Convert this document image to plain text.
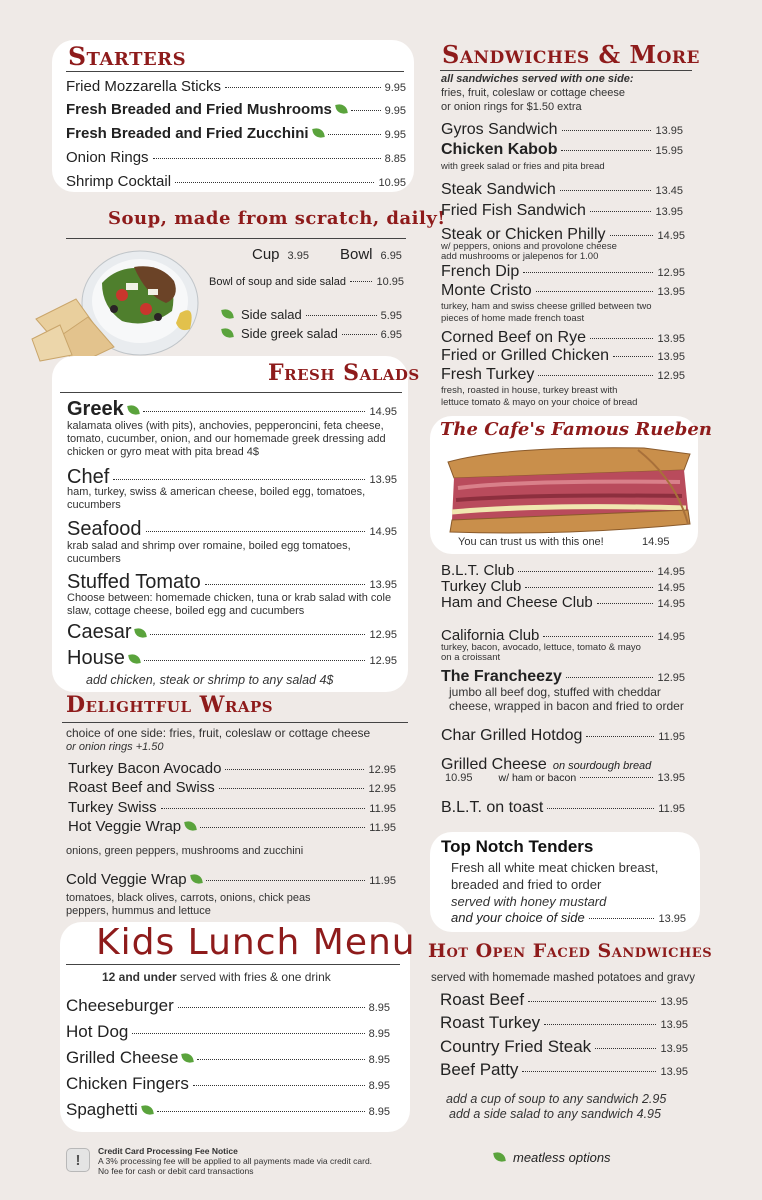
Starters
Soup, made from scratch, daily!
Cup 3.95 Bowl 6.95
Bowl of soup and side salad	10.95
Side salad	5.95
Side greek salad	6.95
Fresh Salads
add chicken, steak or shrimp to any salad 4$
Delightful Wraps
choice of one side: fries, fruit, coleslaw or cottage cheese
or onion rings +1.50
onions, green peppers, mushrooms and zucchini
Cold Veggie Wrap	11.95
tomatoes, black olives, carrots, onions, chick peas peppers, hummus and lettuce
Kids Lunch Menu
12 and under served with fries & one drink
!
Credit Card Processing Fee Notice
A 3% processing fee will be applied to all payments made via credit card.
No fee for cash or debit card transactions
Sandwiches & More
all sandwiches served with one side:
fries, fruit, coleslaw or cottage cheese
or onion rings for $1.50 extra
with greek salad or fries and pita bread
w/ peppers, onions and provolone cheese
add mushrooms or jalepenos for 1.00
turkey, ham and swiss cheese grilled between two
pieces of home made french toast
fresh, roasted in house, turkey breast with
lettuce tomato & mayo on your choice of bread
The Cafe's Famous Rueben
You can trust us with this one!	14.95
turkey, bacon, avocado, lettuce, tomato & mayo
on a croissant
jumbo all beef dog, stuffed with cheddar
cheese, wrapped in bacon and fried to order
Grilled Cheese on sourdough bread
10.95 w/ ham or bacon	13.95
Top Notch Tenders
Fresh all white meat chicken breast,
breaded and fried to order
served with honey mustard
and your choice of side	13.95
Hot Open Faced Sandwiches
served with homemade mashed potatoes and gravy
add a cup of soup to any sandwich 2.95
add a side salad to any sandwich 4.95
meatless options
Fried Mozzarella Sticks	9.95
Fresh Breaded and Fried Mushrooms	9.95
Fresh Breaded and Fried Zucchini	9.95
Onion Rings	8.85
Shrimp Cocktail	10.95
Greek	14.95
kalamata olives (with pits), anchovies, pepperoncini, feta cheese, tomato, cucumber, onion, and our homemade greek dressing add chicken or gyro meat with pita bread 4$
Chef	13.95
ham, turkey, swiss & american cheese, boiled egg, tomatoes, cucumbers
Seafood	14.95
krab salad and shrimp over romaine, boiled egg tomatoes, cucumbers
Stuffed Tomato	13.95
Choose between: homemade chicken, tuna or krab salad with cole slaw, cottage cheese, boiled egg and cucumbers
Caesar	12.95
House	12.95
Turkey Bacon Avocado	12.95
Roast Beef and Swiss	12.95
Turkey Swiss	11.95
Hot Veggie Wrap	11.95
Cheeseburger	8.95
Hot Dog	8.95
Grilled Cheese	8.95
Chicken Fingers	8.95
Spaghetti	8.95
Gyros Sandwich	13.95
Chicken Kabob	15.95
Steak Sandwich	13.45
Fried Fish Sandwich	13.95
Steak or Chicken Philly	14.95
French Dip	12.95
Monte Cristo	13.95
Corned Beef on Rye	13.95
Fried or Grilled Chicken	13.95
Fresh Turkey	12.95
B.L.T. Club	14.95
Turkey Club	14.95
Ham and Cheese Club	14.95
California Club	14.95
The Francheezy	12.95
Char Grilled Hotdog	11.95
B.L.T. on toast	11.95
Roast Beef	13.95
Roast Turkey	13.95
Country Fried Steak	13.95
Beef Patty	13.95
